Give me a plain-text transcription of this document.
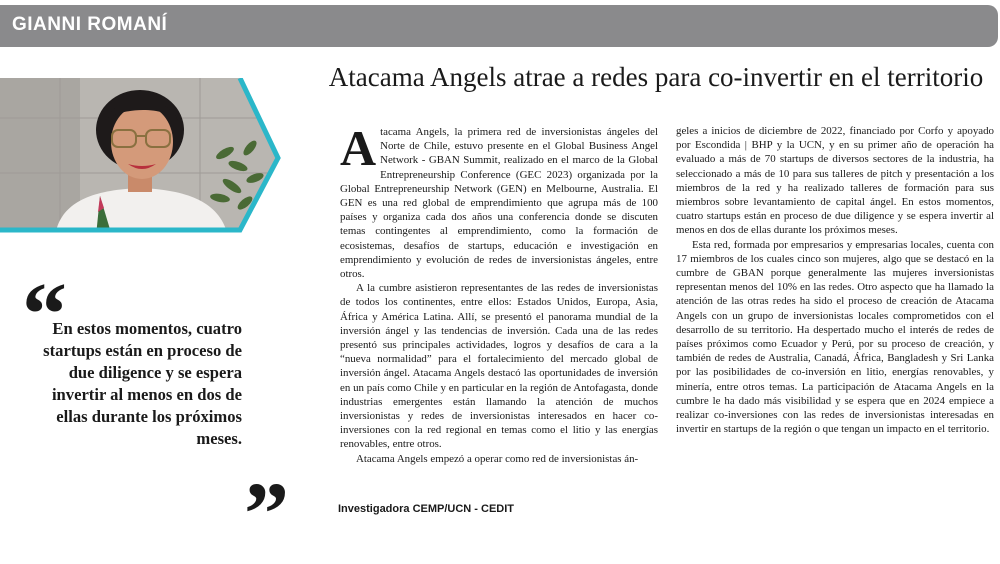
GIANNI ROMANÍ
“
En estos momentos, cuatro startups están en proceso de due diligence y se espera invertir al menos en dos de ellas durante los próximos meses.
”
Atacama Angels atrae a redes para co-invertir en el territorio

Atacama Angels, la primera red de inversionistas ángeles del Norte de Chile, estuvo presente en el Global Business Angel Network - GBAN Summit, realizado en el marco de la Global Entrepreneurship Conference (GEC 2023) organizada por la Global Entrepreneurship Network (GEN) en Melbourne, Australia. El GEN es una red global de emprendimiento que agrupa más de 100 países y organiza cada dos años una conferencia donde se discuten temas contingentes al emprendimiento, como la formación de ecosistemas, desafíos de startups, educación e investigación en emprendimiento y evolución de redes de inversionistas ángeles, entre otros.

A la cumbre asistieron representantes de las redes de inversionistas de todos los continentes, entre ellos: Estados Unidos, Europa, Asia, África y América Latina. Allí, se presentó el panorama mundial de la inversión ángel y las tendencias de inversión. Cada una de las redes presentó sus principales actividades, logros y desafíos de cara a la “nueva normalidad” para el fortalecimiento del mercado global de inversión ángel. Atacama Angels destacó las oportunidades de inversión en un país como Chile y en particular en la región de Antofagasta, donde industrias emergentes están llamando la atención de muchos inversionistas y redes de inversionistas interesados en hacer co-inversiones con la red regional en temas como el litio y las energías renovables, entre otros.

Atacama Angels empezó a operar como red de inversionistas án-

geles a inicios de diciembre de 2022, financiado por Corfo y apoyado por Escondida | BHP y la UCN, y en su primer año de operación ha evaluado a más de 70 startups de diversos sectores de la industria, ha seleccionado a más de 10 para sus talleres de pitch y presentación a los miembros de la red y ha realizado talleres de formación para sus miembros sobre levantamiento de capital ángel. En estos momentos, cuatro startups están en proceso de due diligence y se espera invertir al menos en dos de ellas durante los próximos meses.

Esta red, formada por empresarios y empresarias locales, cuenta con 17 miembros de los cuales cinco son mujeres, algo que se destacó en la cumbre de GBAN porque generalmente las mujeres inversionistas representan menos del 10% en las redes. Otro aspecto que ha llamado la atención de las otras redes ha sido el proceso de creación de Atacama Angels con un grupo de inversionistas locales comprometidos con el desarrollo de su territorio. Ha despertado mucho el interés de redes de países próximos como Ecuador y Perú, por su proceso de creación, y también de redes de Australia, Canadá, África, Bangladesh y Sri Lanka por las posibilidades de co-inversión en litio, energías renovables, y minería, entre otros temas. La participación de Atacama Angels en la cumbre le ha dado más visibilidad y se espera que en 2024 empiece a realizar co-inversiones con las redes de inversionistas interesadas en invertir en startups de la región o que tengan un impacto en el territorio.

Investigadora CEMP/UCN - CEDIT
